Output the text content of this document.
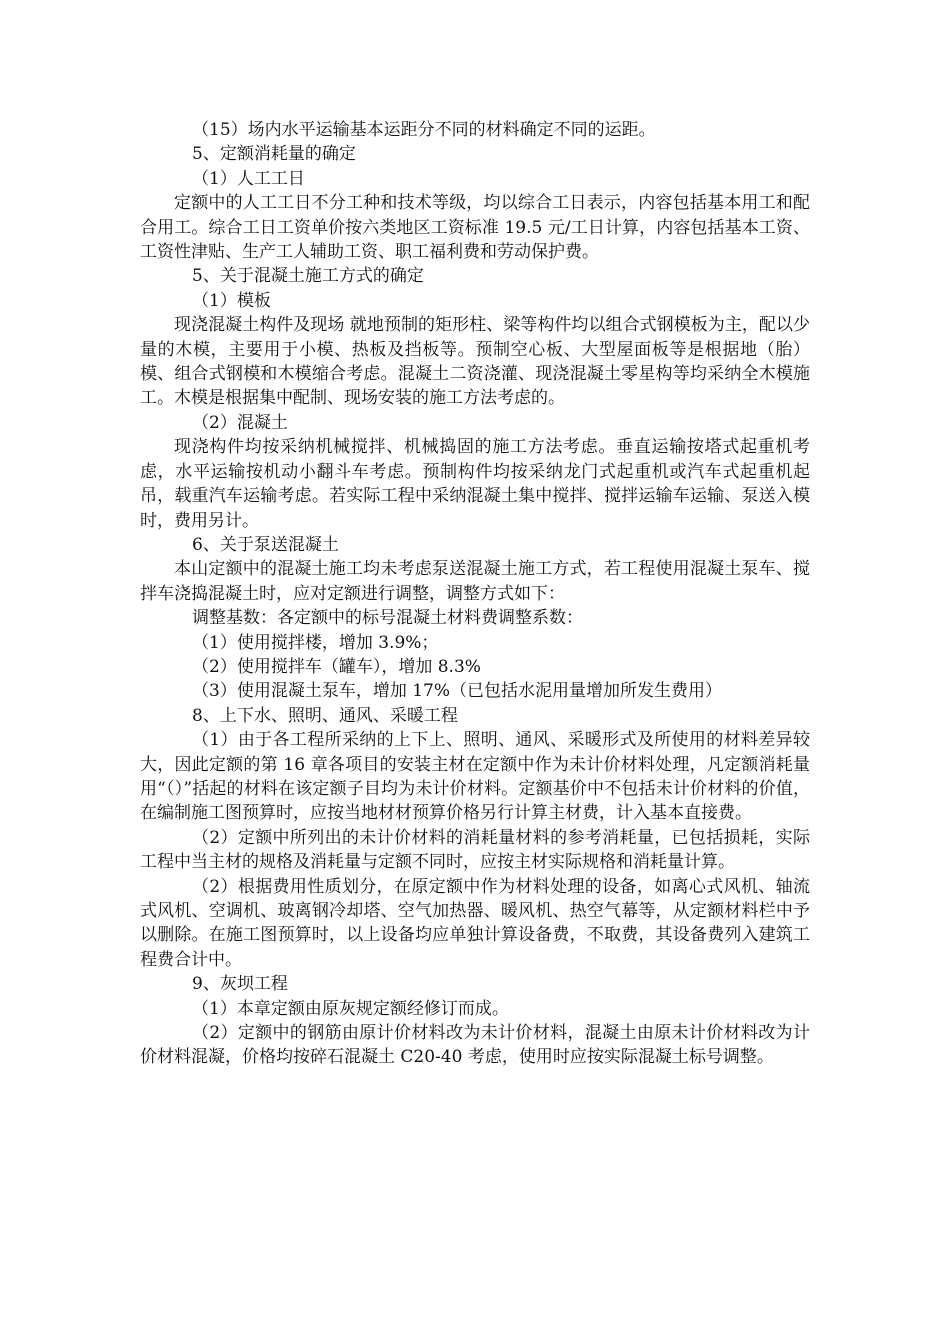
（15）场内水平运输基本运距分不同的材料确定不同的运距。

5、定额消耗量的确定

（1）人工工日

定额中的人工工日不分工种和技术等级，均以综合工日表示，内容包括基本用工和配合用工。综合工日工资单价按六类地区工资标准 19.5 元/工日计算，内容包括基本工资、工资性津贴、生产工人辅助工资、职工福利费和劳动保护费。

5、关于混凝土施工方式的确定

（1）模板

现浇混凝土构件及现场 就地预制的矩形柱、梁等构件均以组合式钢模板为主，配以少量的木模，主要用于小模、热板及挡板等。预制空心板、大型屋面板等是根据地（胎）模、组合式钢模和木模缩合考虑。混凝土二资浇灌、现浇混凝土零星构等均采纳全木模施工。木模是根据集中配制、现场安装的施工方法考虑的。

（2）混凝土

现浇构件均按采纳机械搅拌、机械捣固的施工方法考虑。垂直运输按塔式起重机考虑，水平运输按机动小翻斗车考虑。预制构件均按采纳龙门式起重机或汽车式起重机起吊，载重汽车运输考虑。若实际工程中采纳混凝土集中搅拌、搅拌运输车运输、泵送入模时，费用另计。

6、关于泵送混凝土

本山定额中的混凝土施工均未考虑泵送混凝土施工方式，若工程使用混凝土泵车、搅拌车浇捣混凝土时，应对定额进行调整，调整方式如下：

调整基数：各定额中的标号混凝土材料费调整系数：

（1）使用搅拌楼，增加 3.9%；

（2）使用搅拌车（罐车），增加 8.3%

（3）使用混凝土泵车，增加 17%（已包括水泥用量增加所发生费用）

8、上下水、照明、通风、采暖工程

（1）由于各工程所采纳的上下上、照明、通风、采暖形式及所使用的材料差异较大，因此定额的第 16 章各项目的安装主材在定额中作为未计价材料处理，凡定额消耗量用“（）”括起的材料在该定额子目均为未计价材料。定额基价中不包括未计价材料的价值，在编制施工图预算时，应按当地材材预算价格另行计算主材费，计入基本直接费。

（2）定额中所列出的未计价材料的消耗量材料的参考消耗量，已包括损耗，实际工程中当主材的规格及消耗量与定额不同时，应按主材实际规格和消耗量计算。

（2）根据费用性质划分，在原定额中作为材料处理的设备，如离心式风机、轴流式风机、空调机、玻离钢冷却塔、空气加热器、暖风机、热空气幕等，从定额材料栏中予以删除。在施工图预算时，以上设备均应单独计算设备费，不取费，其设备费列入建筑工程费合计中。

9、灰坝工程

（1）本章定额由原灰规定额经修订而成。

（2）定额中的钢筋由原计价材料改为未计价材料，混凝土由原未计价材料改为计价材料混凝，价格均按碎石混凝土 C20-40 考虑，使用时应按实际混凝土标号调整。
